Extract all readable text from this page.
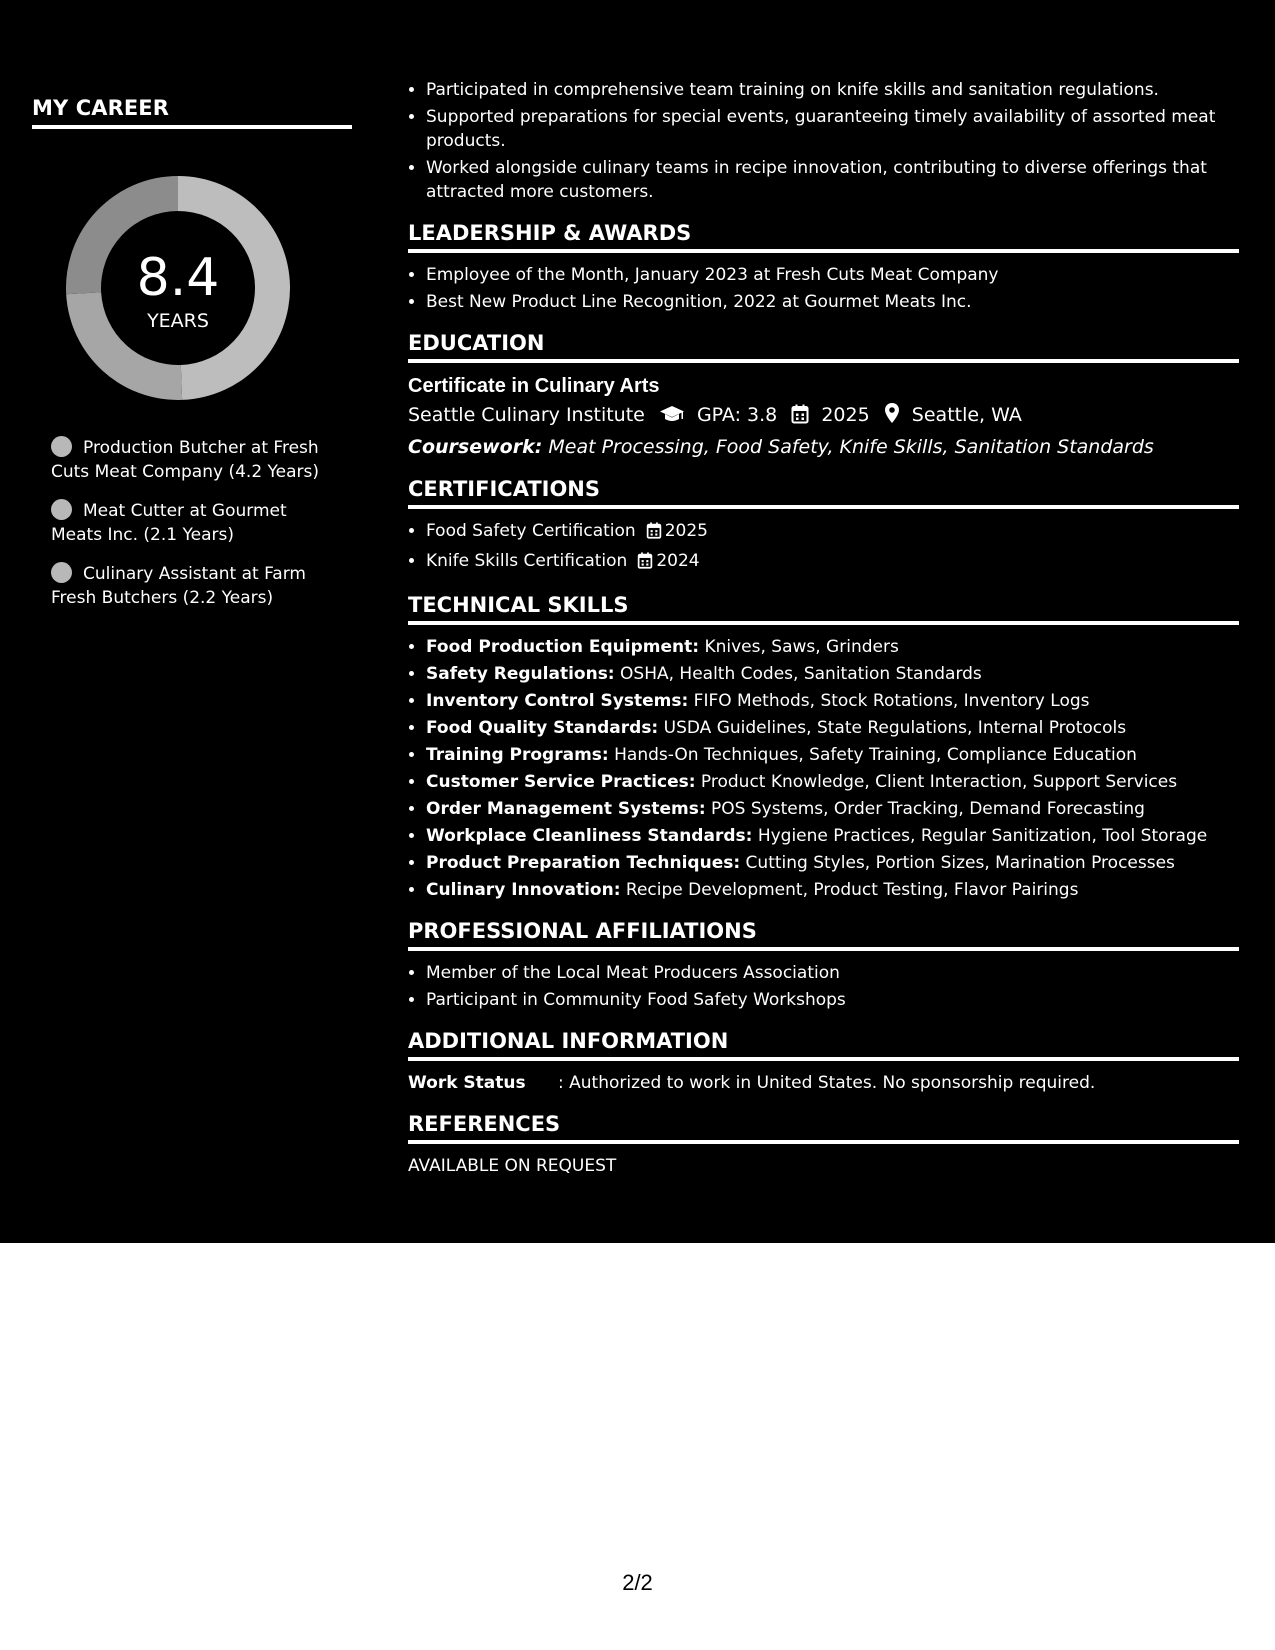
MY CAREER
8.4
YEARS
Production Butcher at Fresh Cuts Meat Company (4.2 Years)
Meat Cutter at Gourmet Meats Inc. (2.1 Years)
Culinary Assistant at Farm Fresh Butchers (2.2 Years)
• Participated in comprehensive team training on knife skills and sanitation regulations.
• Supported preparations for special events, guaranteeing timely availability of assorted meat products.
• Worked alongside culinary teams in recipe innovation, contributing to diverse offerings that attracted more customers.
LEADERSHIP & AWARDS
• Employee of the Month, January 2023 at Fresh Cuts Meat Company
• Best New Product Line Recognition, 2022 at Gourmet Meats Inc.
EDUCATION
Certificate in Culinary Arts
Seattle Culinary Institute	GPA: 3.8 2025 Seattle, WA
Coursework: Meat Processing, Food Safety, Knife Skills, Sanitation Standards
CERTIFICATIONS
• Food Safety Certification 2025
• Knife Skills Certification 2024
TECHNICAL SKILLS
• Food Production Equipment: Knives, Saws, Grinders
• Safety Regulations: OSHA, Health Codes, Sanitation Standards
• Inventory Control Systems: FIFO Methods, Stock Rotations, Inventory Logs
• Food Quality Standards: USDA Guidelines, State Regulations, Internal Protocols
• Training Programs: Hands-On Techniques, Safety Training, Compliance Education
• Customer Service Practices: Product Knowledge, Client Interaction, Support Services
• Order Management Systems: POS Systems, Order Tracking, Demand Forecasting
• Workplace Cleanliness Standards: Hygiene Practices, Regular Sanitization, Tool Storage
• Product Preparation Techniques: Cutting Styles, Portion Sizes, Marination Processes
• Culinary Innovation: Recipe Development, Product Testing, Flavor Pairings
PROFESSIONAL AFFILIATIONS
• Member of the Local Meat Producers Association
• Participant in Community Food Safety Workshops
ADDITIONAL INFORMATION
Work Status : Authorized to work in United States. No sponsorship required.
REFERENCES
AVAILABLE ON REQUEST
2/2
